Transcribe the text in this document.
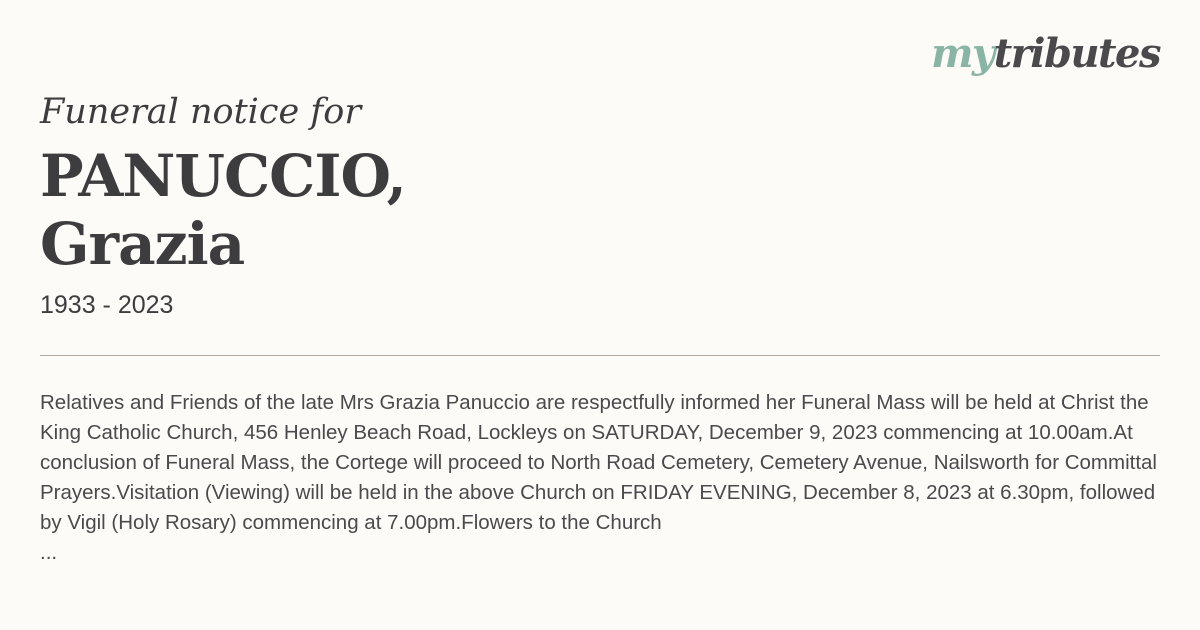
mytributes
Funeral notice for
PANUCCIO,
Grazia
1933 - 2023
Relatives and Friends of the late Mrs Grazia Panuccio are respectfully informed her Funeral Mass will be held at Christ the King Catholic Church, 456 Henley Beach Road, Lockleys on SATURDAY, December 9, 2023 commencing at 10.00am.At conclusion of Funeral Mass, the Cortege will proceed to North Road Cemetery, Cemetery Avenue, Nailsworth for Committal Prayers.Visitation (Viewing) will be held in the above Church on FRIDAY EVENING, December 8, 2023 at 6.30pm, followed by Vigil (Holy Rosary) commencing at 7.00pm.Flowers to the Church
...
